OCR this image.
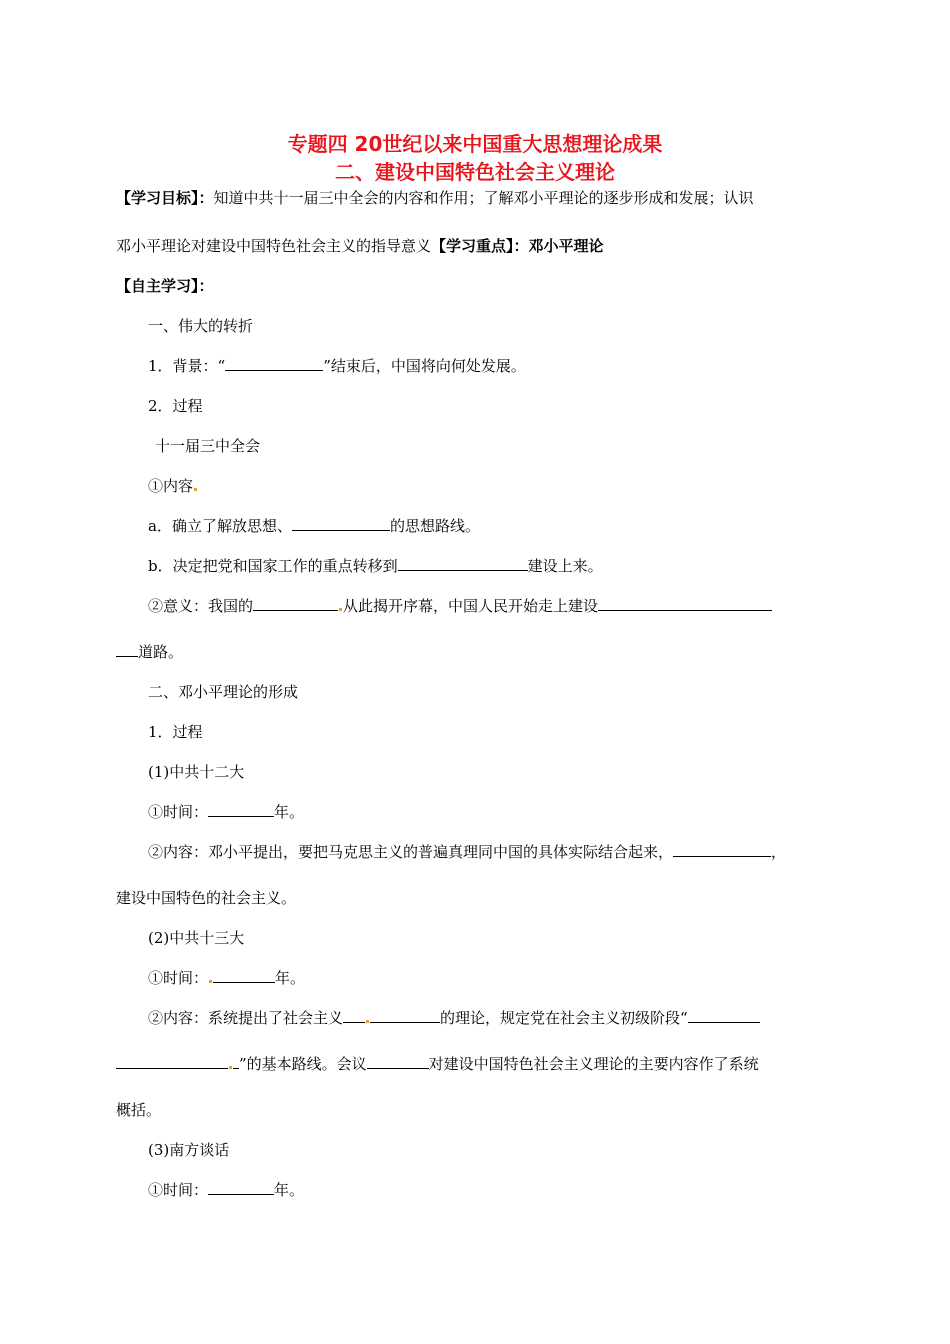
专题四 20世纪以来中国重大思想理论成果
二、建设中国特色社会主义理论
【学习目标】：知道中共十一届三中全会的内容和作用；了解邓小平理论的逐步形成和发展；认识
邓小平理论对建设中国特色社会主义的指导意义【学习重点】：邓小平理论
【自主学习】：
一、伟大的转折
1．背景：“	”结束后，中国将向何处发展。
2．过程
十一届三中全会
①内容
a．确立了解放思想、	的思想路线。
b．决定把党和国家工作的重点转移到	建设上来。
②意义：我国的	从此揭开序幕，中国人民开始走上建设
道路。
二、邓小平理论的形成
1．过程
(1)中共十二大
①时间：	年。
②内容：邓小平提出，要把马克思主义的普遍真理同中国的具体实际结合起来，	，
建设中国特色的社会主义。
(2)中共十三大
①时间：	年。
②内容：系统提出了社会主义	的理论，规定党在社会主义初级阶段“
”的基本路线。会议	对建设中国特色社会主义理论的主要内容作了系统
概括。
(3)南方谈话
①时间：	年。
